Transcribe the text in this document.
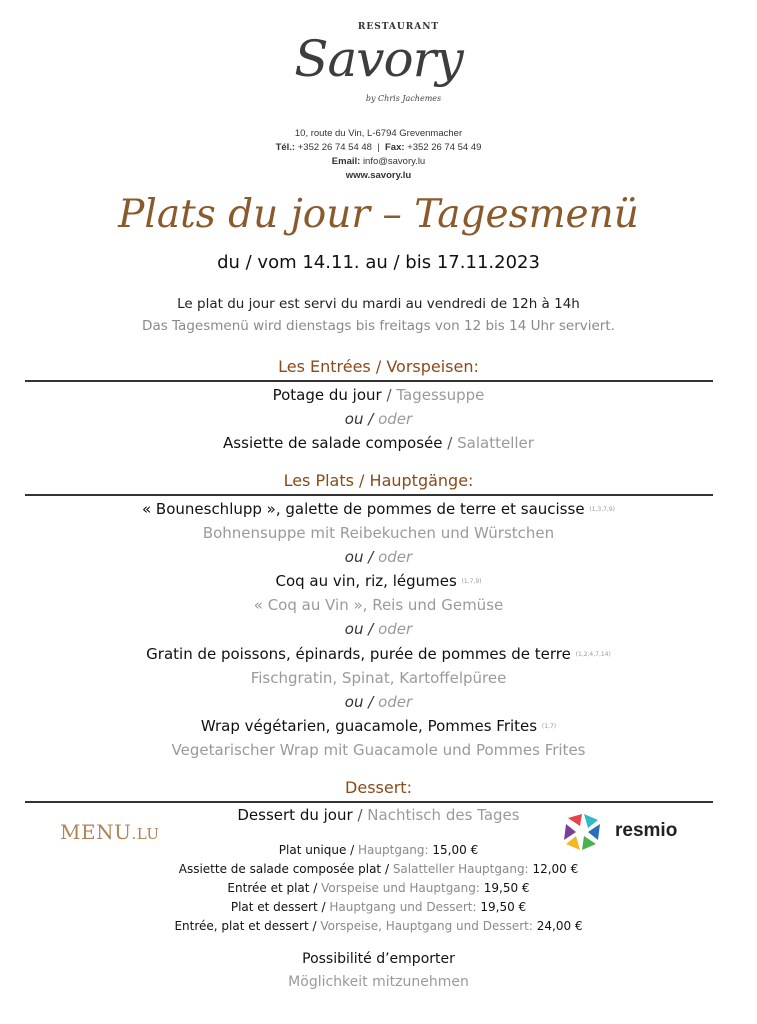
RESTAURANT
Savory
by Chris Jachemes
10, route du Vin, L-6794 Grevenmacher
Tél.: +352 26 74 54 48  |  Fax: +352 26 74 54 49
Email: info@savory.lu
www.savory.lu
Plats du jour – Tagesmenü
du / vom 14.11. au / bis 17.11.2023
Le plat du jour est servi du mardi au vendredi de 12h à 14h
Das Tagesmenü wird dienstags bis freitags von 12 bis 14 Uhr serviert.
Les Entrées / Vorspeisen:
Potage du jour / Tagessuppe
ou / oder
Assiette de salade composée / Salatteller
Les Plats / Hauptgänge:
« Bouneschlupp », galette de pommes de terre et saucisse (1,3,7,9)
Bohnensuppe mit Reibekuchen und Würstchen
ou / oder
Coq au vin, riz, légumes (1,7,9)
« Coq au Vin », Reis und Gemüse
ou / oder
Gratin de poissons, épinards, purée de pommes de terre (1,2,4,7,14)
Fischgratin, Spinat, Kartoffelpüree
ou / oder
Wrap végétarien, guacamole, Pommes Frites (1,7)
Vegetarischer Wrap mit Guacamole und Pommes Frites
Dessert:
Dessert du jour / Nachtisch des Tages
MENU.LU	resmio
Plat unique / Hauptgang: 15,00 €
Assiette de salade composée plat / Salatteller Hauptgang: 12,00 €
Entrée et plat / Vorspeise und Hauptgang: 19,50 €
Plat et dessert / Hauptgang und Dessert: 19,50 €
Entrée, plat et dessert / Vorspeise, Hauptgang und Dessert: 24,00 €
Possibilité d’emporter
Möglichkeit mitzunehmen
